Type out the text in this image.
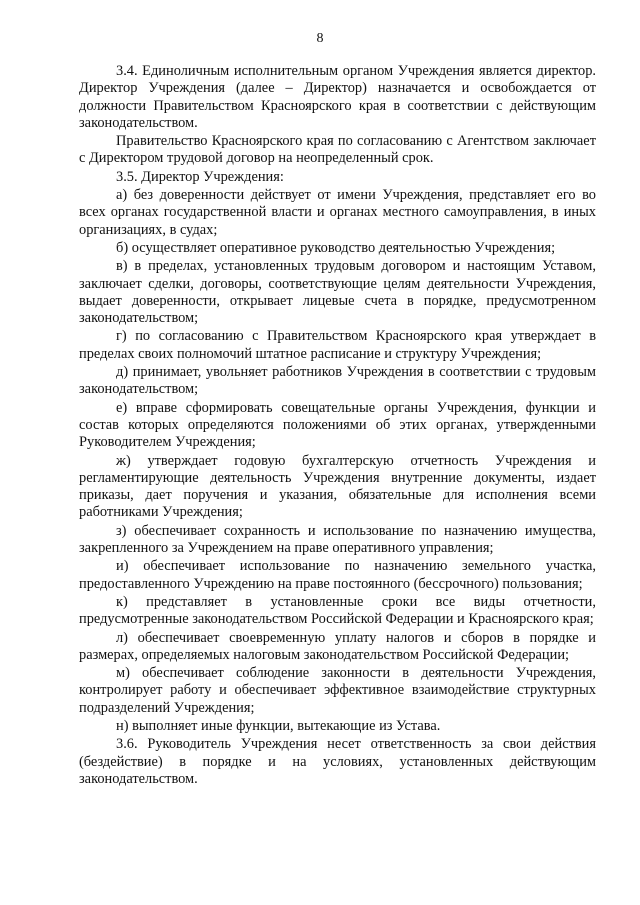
8

3.4. Единоличным исполнительным органом Учреждения является директор. Директор Учреждения (далее – Директор) назначается и освобождается от должности Правительством Красноярского края в соответствии с действующим законодательством.

Правительство Красноярского края по согласованию с Агентством заключает с Директором трудовой договор на неопределенный срок.

3.5. Директор Учреждения:

а) без доверенности действует от имени Учреждения, представляет его во всех органах государственной власти и органах местного самоуправления, в иных организациях, в судах;

б) осуществляет оперативное руководство деятельностью Учреждения;

в) в пределах, установленных трудовым договором и настоящим Уставом, заключает сделки, договоры, соответствующие целям деятельности Учреждения, выдает доверенности, открывает лицевые счета в порядке, предусмотренном законодательством;

г) по согласованию с Правительством Красноярского края утверждает в пределах своих полномочий штатное расписание и структуру Учреждения;

д) принимает, увольняет работников Учреждения в соответствии с трудовым законодательством;

е) вправе сформировать совещательные органы Учреждения, функции и состав которых определяются положениями об этих органах, утвержденными Руководителем Учреждения;

ж) утверждает годовую бухгалтерскую отчетность Учреждения и регламентирующие деятельность Учреждения внутренние документы, издает приказы, дает поручения и указания, обязательные для исполнения всеми работниками Учреждения;

з) обеспечивает сохранность и использование по назначению имущества, закрепленного за Учреждением на праве оперативного управления;

и) обеспечивает использование по назначению земельного участка, предоставленного Учреждению на праве постоянного (бессрочного) пользования;

к) представляет в установленные сроки все виды отчетности, предусмотренные законодательством Российской Федерации и Красноярского края;

л) обеспечивает своевременную уплату налогов и сборов в порядке и размерах, определяемых налоговым законодательством Российской Федерации;

м) обеспечивает соблюдение законности в деятельности Учреждения, контролирует работу и обеспечивает эффективное взаимодействие структурных подразделений Учреждения;

н) выполняет иные функции, вытекающие из Устава.

3.6. Руководитель Учреждения несет ответственность за свои действия (бездействие) в порядке и на условиях, установленных действующим законодательством.
